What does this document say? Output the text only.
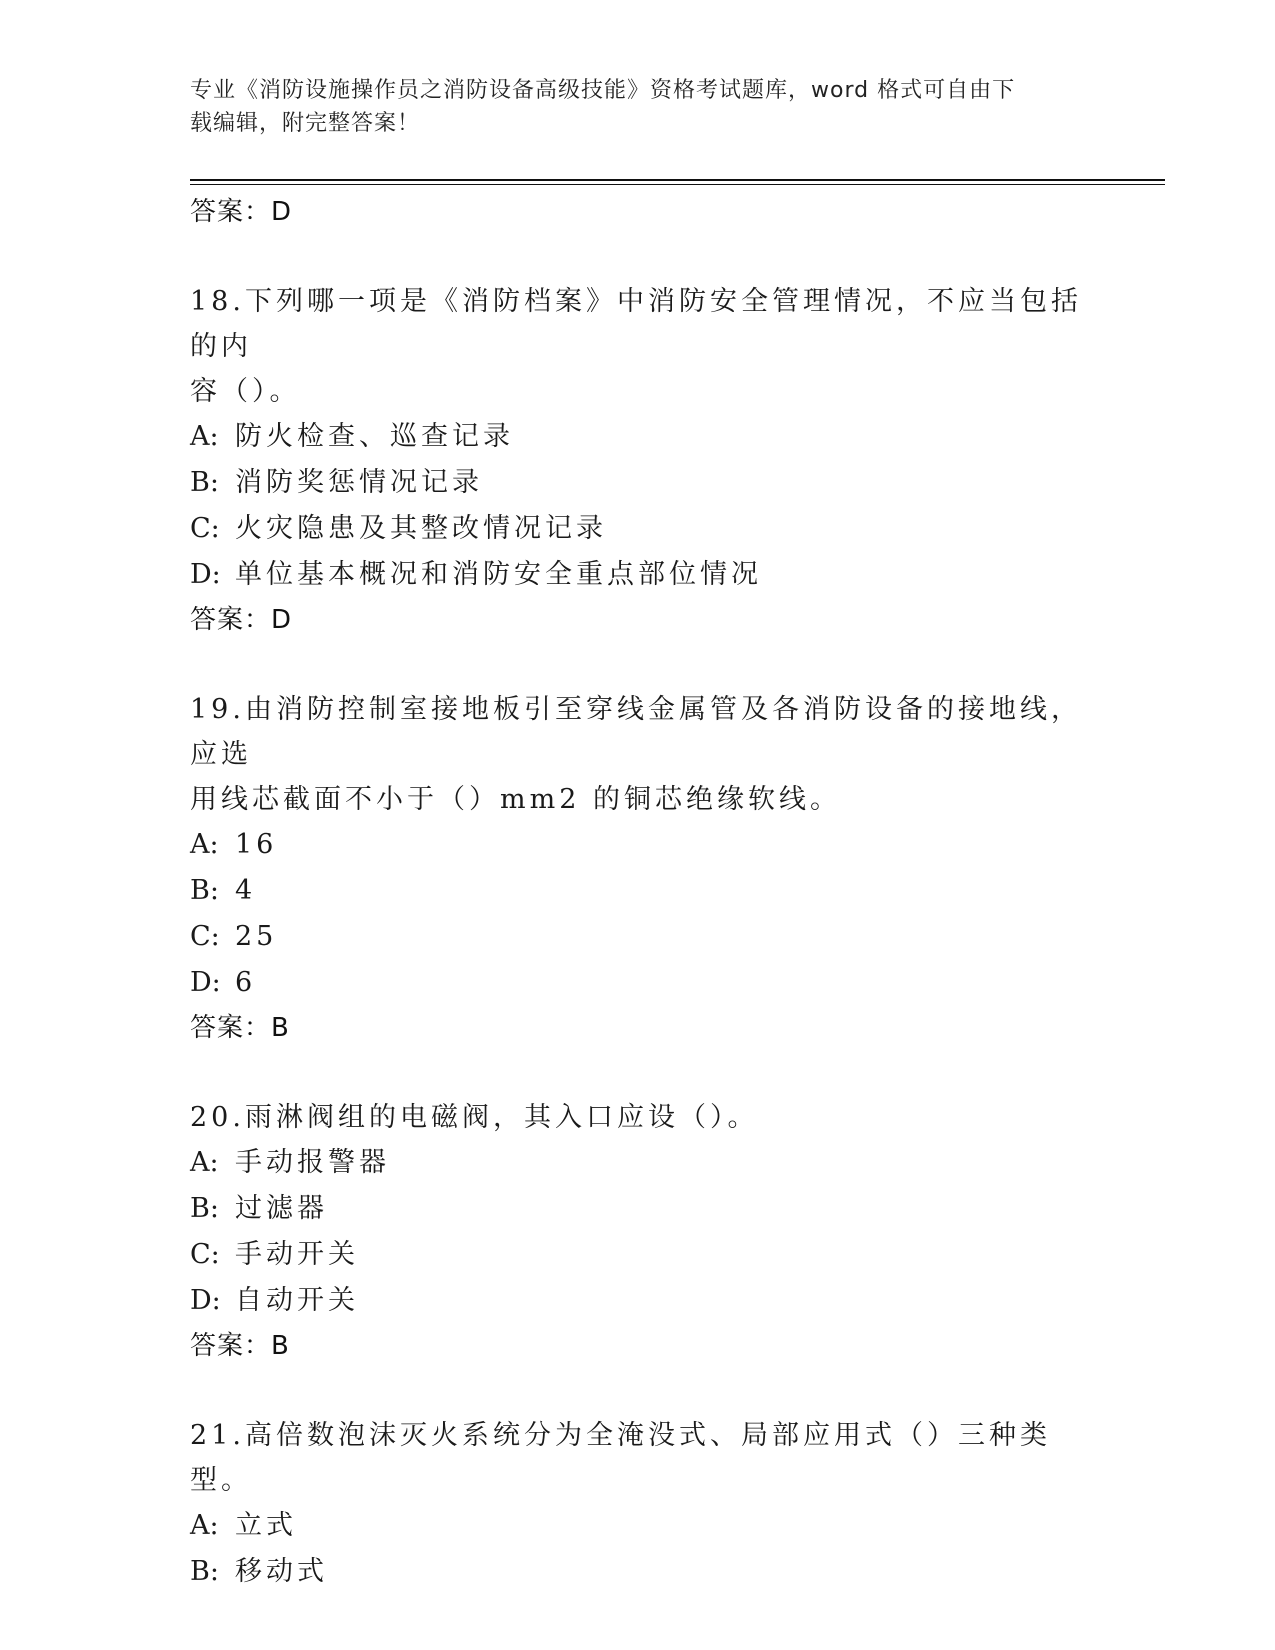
专业《消防设施操作员之消防设备高级技能》资格考试题库，word 格式可自由下
载编辑，附完整答案！
答案：D
18.下列哪一项是《消防档案》中消防安全管理情况，不应当包括的内
容（）。
A: 防火检查、巡查记录
B: 消防奖惩情况记录
C: 火灾隐患及其整改情况记录
D: 单位基本概况和消防安全重点部位情况
答案：D
19.由消防控制室接地板引至穿线金属管及各消防设备的接地线，应选
用线芯截面不小于（）mm2 的铜芯绝缘软线。
A: 16
B: 4
C: 25
D: 6
答案：B
20.雨淋阀组的电磁阀，其入口应设（）。
A: 手动报警器
B: 过滤器
C: 手动开关
D: 自动开关
答案：B
21.高倍数泡沫灭火系统分为全淹没式、局部应用式（）三种类型。
A: 立式
B: 移动式
